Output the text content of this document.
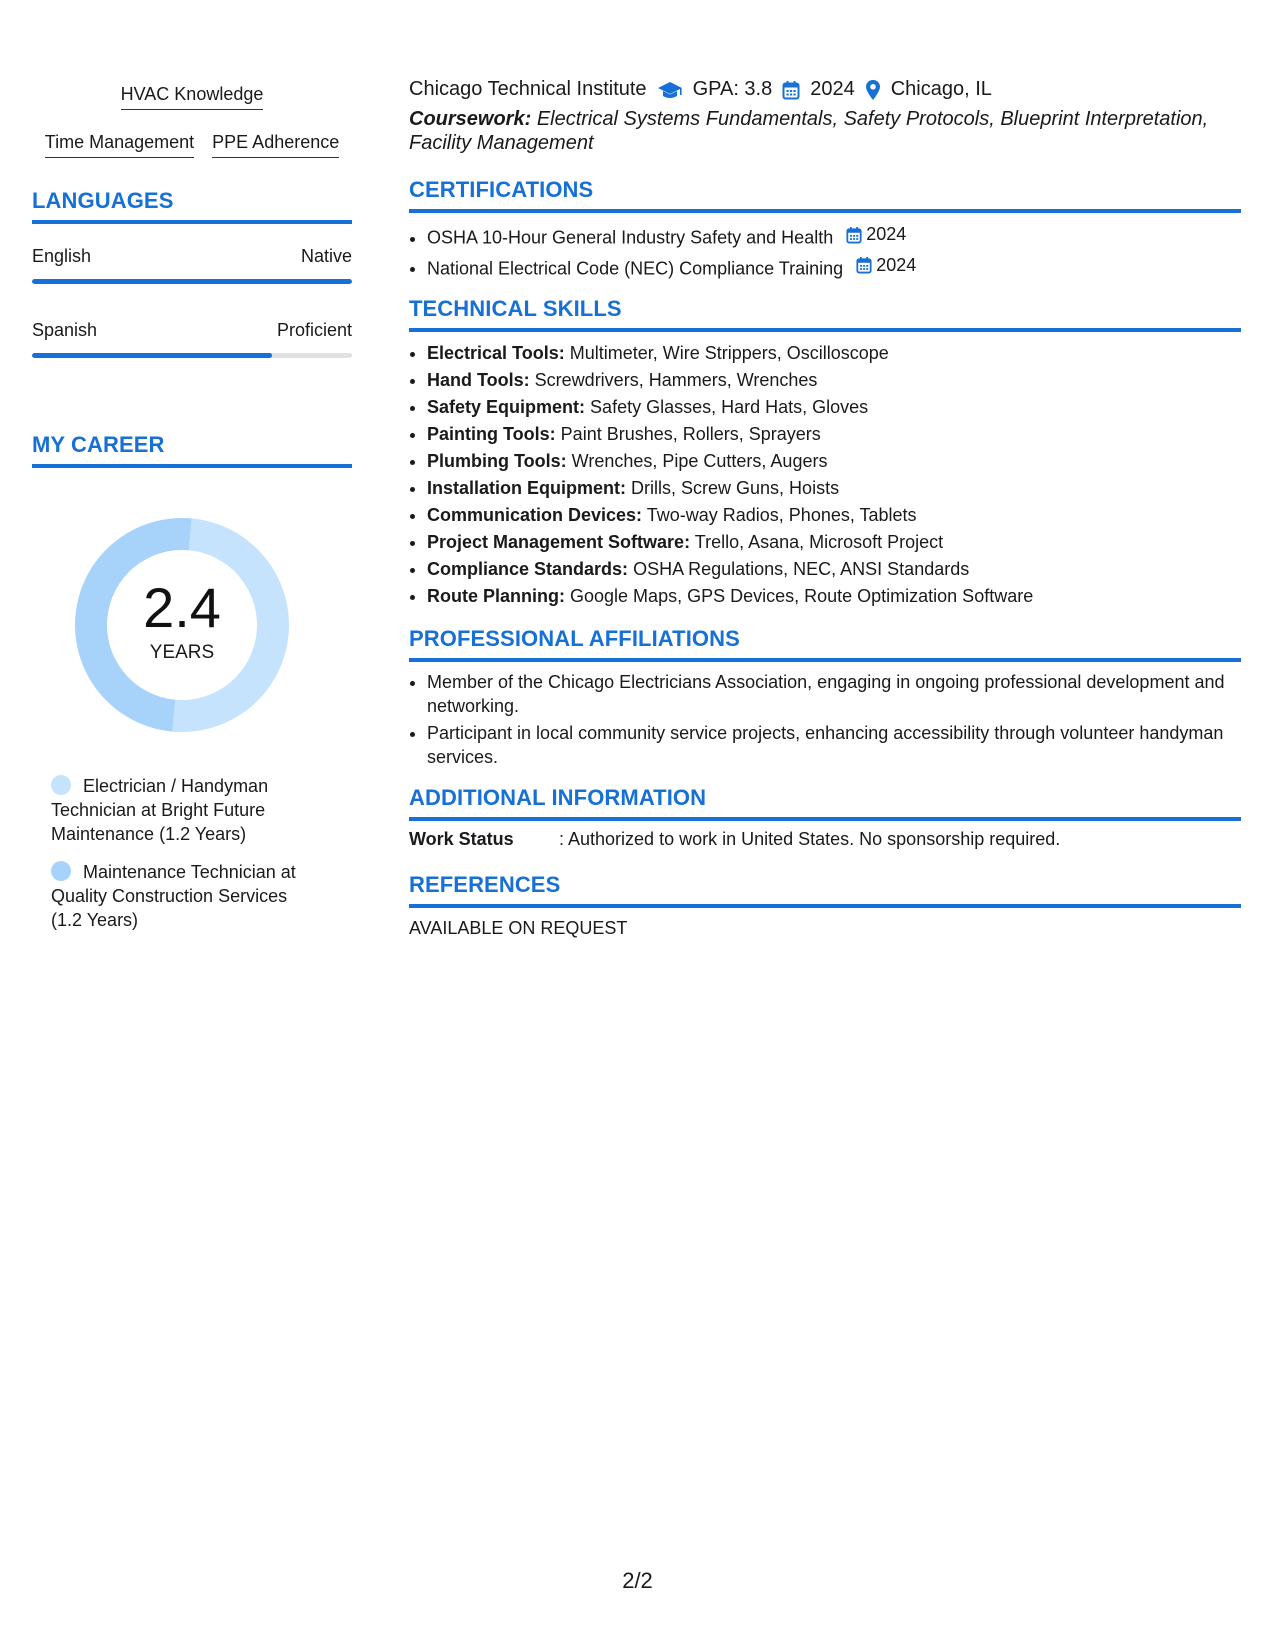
HVAC Knowledge
Time Management PPE Adherence
LANGUAGES
English	Native
Spanish	Proficient
MY CAREER
2.4
YEARS
Electrician / Handyman Technician at Bright Future Maintenance (1.2 Years)
Maintenance Technician at Quality Construction Services (1.2 Years)
Chicago Technical Institute GPA: 3.8 2024 Chicago, IL
Coursework: Electrical Systems Fundamentals, Safety Protocols, Blueprint Interpretation, Facility Management
CERTIFICATIONS
• OSHA 10-Hour General Industry Safety and Health 2024
• National Electrical Code (NEC) Compliance Training 2024
TECHNICAL SKILLS
• Electrical Tools: Multimeter, Wire Strippers, Oscilloscope
• Hand Tools: Screwdrivers, Hammers, Wrenches
• Safety Equipment: Safety Glasses, Hard Hats, Gloves
• Painting Tools: Paint Brushes, Rollers, Sprayers
• Plumbing Tools: Wrenches, Pipe Cutters, Augers
• Installation Equipment: Drills, Screw Guns, Hoists
• Communication Devices: Two-way Radios, Phones, Tablets
• Project Management Software: Trello, Asana, Microsoft Project
• Compliance Standards: OSHA Regulations, NEC, ANSI Standards
• Route Planning: Google Maps, GPS Devices, Route Optimization Software
PROFESSIONAL AFFILIATIONS
• Member of the Chicago Electricians Association, engaging in ongoing professional development and networking.
• Participant in local community service projects, enhancing accessibility through volunteer handyman services.
ADDITIONAL INFORMATION
Work Status	: Authorized to work in United States. No sponsorship required.
REFERENCES
AVAILABLE ON REQUEST
2/2
